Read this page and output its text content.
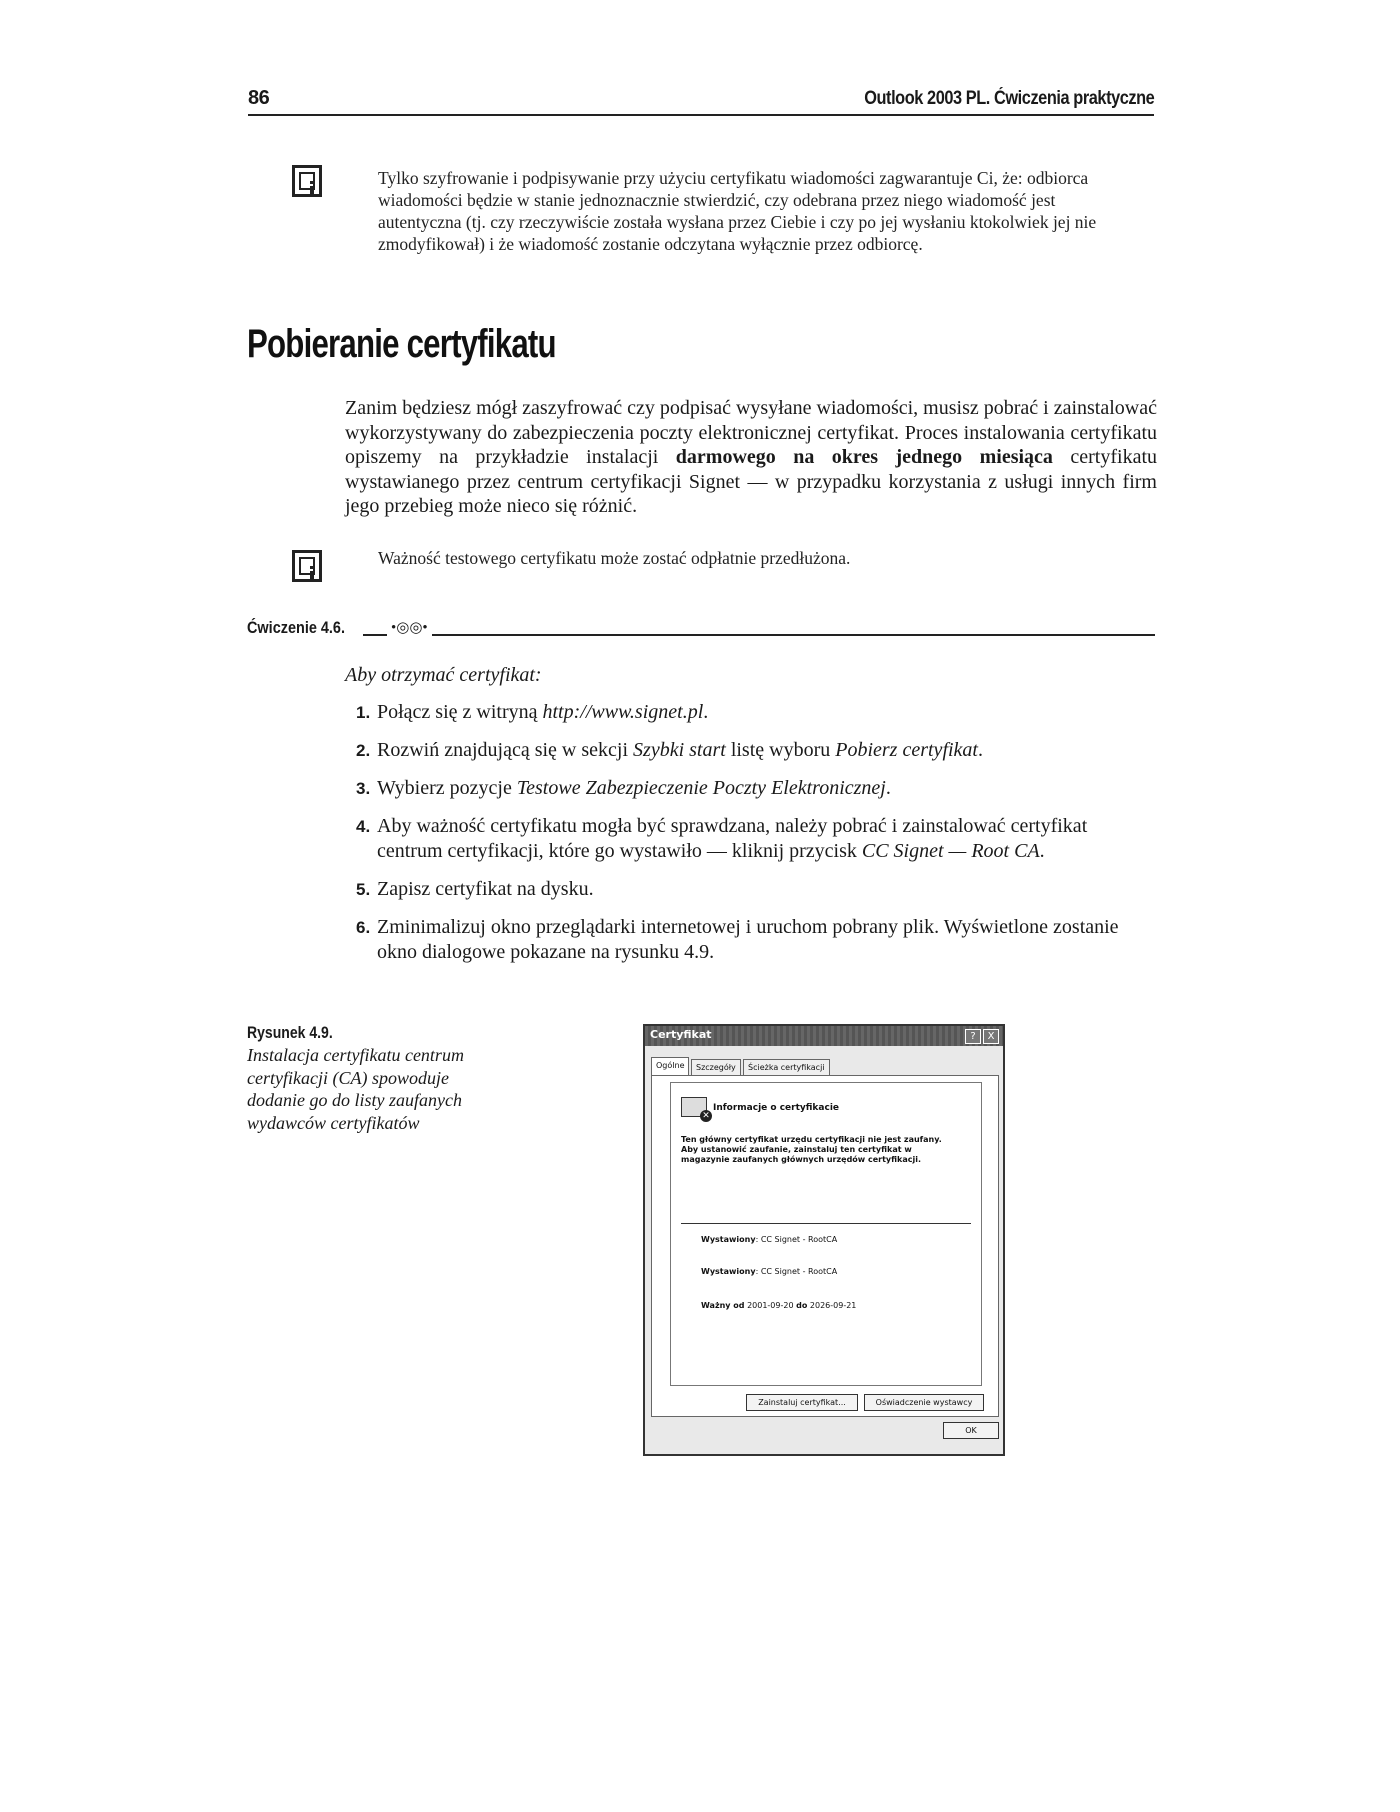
86	Outlook 2003 PL. Ćwiczenia praktyczne
Tylko szyfrowanie i podpisywanie przy użyciu certyfikatu wiadomości zagwarantuje Ci, że: odbiorca wiadomości będzie w stanie jednoznacznie stwierdzić, czy odebrana przez niego wiadomość jest autentyczna (tj. czy rzeczywiście została wysłana przez Ciebie i czy po jej wysłaniu ktokolwiek jej nie zmodyfikował) i że wiadomość zostanie odczytana wyłącznie przez odbiorcę.
Pobieranie certyfikatu

Zanim będziesz mógł zaszyfrować czy podpisać wysyłane wiadomości, musisz pobrać i zainstalować wykorzystywany do zabezpieczenia poczty elektronicznej certyfikat. Proces instalowania certyfikatu opiszemy na przykładzie instalacji darmowego na okres jednego miesiąca certyfikatu wystawianego przez centrum certyfikacji Signet — w przypadku korzystania z usługi innych firm jego przebieg może nieco się różnić.

Ważność testowego certyfikatu może zostać odpłatnie przedłużona.
Ćwiczenie 4.6.	•◎◎•
Aby otrzymać certyfikat:
1. Połącz się z witryną http://www.signet.pl.
2. Rozwiń znajdującą się w sekcji Szybki start listę wyboru Pobierz certyfikat.
3. Wybierz pozycje Testowe Zabezpieczenie Poczty Elektronicznej.
4. Aby ważność certyfikatu mogła być sprawdzana, należy pobrać i zainstalować certyfikat centrum certyfikacji, które go wystawiło — kliknij przycisk CC Signet — Root CA.
5. Zapisz certyfikat na dysku.
6. Zminimalizuj okno przeglądarki internetowej i uruchom pobrany plik. Wyświetlone zostanie okno dialogowe pokazane na rysunku 4.9.
Rysunek 4.9.
Instalacja certyfikatu centrum certyfikacji (CA) spowoduje dodanie go do listy zaufanych wydawców certyfikatów
Certyfikat	?	X
Ogólne	Szczegóły	Ścieżka certyfikacji
✕
Informacje o certyfikacie
Ten główny certyfikat urzędu certyfikacji nie jest zaufany. Aby ustanowić zaufanie, zainstaluj ten certyfikat w magazynie zaufanych głównych urzędów certyfikacji.
Wystawiony: CC Signet - RootCA
Wystawiony: CC Signet - RootCA
Ważny od 2001-09-20 do 2026-09-21
Zainstaluj certyfikat...	Oświadczenie wystawcy
OK
